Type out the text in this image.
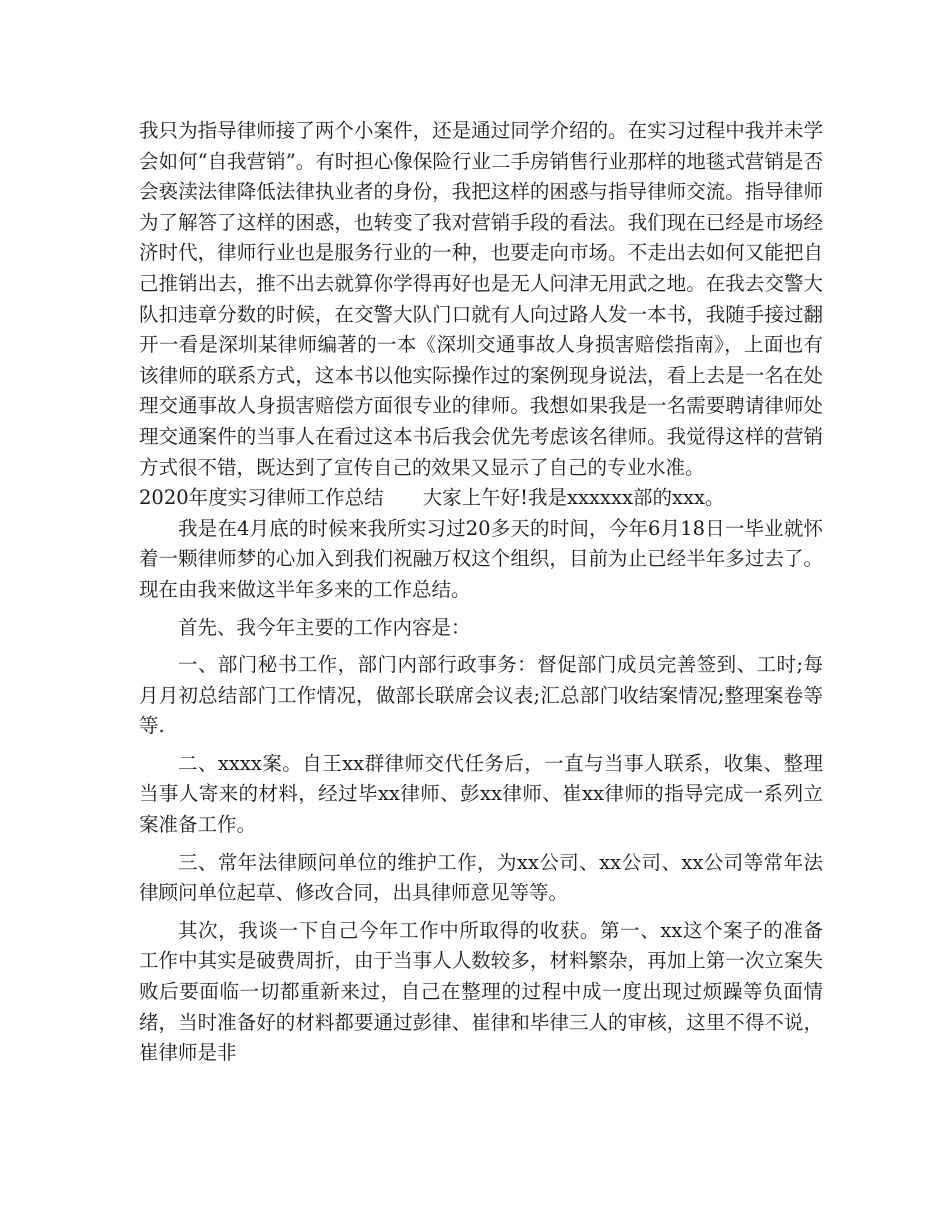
我只为指导律师接了两个小案件，还是通过同学介绍的。在实习过程中我并未学会如何“自我营销”。有时担心像保险行业二手房销售行业那样的地毯式营销是否会亵渎法律降低法律执业者的身份，我把这样的困惑与指导律师交流。指导律师为了解答了这样的困惑，也转变了我对营销手段的看法。我们现在已经是市场经济时代，律师行业也是服务行业的一种，也要走向市场。不走出去如何又能把自己推销出去，推不出去就算你学得再好也是无人问津无用武之地。在我去交警大队扣违章分数的时候，在交警大队门口就有人向过路人发一本书，我随手接过翻开一看是深圳某律师编著的一本《深圳交通事故人身损害赔偿指南》，上面也有该律师的联系方式，这本书以他实际操作过的案例现身说法，看上去是一名在处理交通事故人身损害赔偿方面很专业的律师。我想如果我是一名需要聘请律师处理交通案件的当事人在看过这本书后我会优先考虑该名律师。我觉得这样的营销方式很不错，既达到了宣传自己的效果又显示了自己的专业水准。

2020年度实习律师工作总结　　大家上午好!我是xxxxxx部的xxx。

我是在4月底的时候来我所实习过20多天的时间，今年6月18日一毕业就怀着一颗律师梦的心加入到我们祝融万权这个组织，目前为止已经半年多过去了。现在由我来做这半年多来的工作总结。

首先、我今年主要的工作内容是：

一、部门秘书工作，部门内部行政事务：督促部门成员完善签到、工时;每月月初总结部门工作情况，做部长联席会议表;汇总部门收结案情况;整理案卷等等.

二、xxxx案。自王xx群律师交代任务后，一直与当事人联系，收集、整理当事人寄来的材料，经过毕xx律师、彭xx律师、崔xx律师的指导完成一系列立案准备工作。

三、常年法律顾问单位的维护工作，为xx公司、xx公司、xx公司等常年法律顾问单位起草、修改合同，出具律师意见等等。

其次，我谈一下自己今年工作中所取得的收获。第一、xx这个案子的准备工作中其实是破费周折，由于当事人人数较多，材料繁杂，再加上第一次立案失败后要面临一切都重新来过，自己在整理的过程中成一度出现过烦躁等负面情绪，当时准备好的材料都要通过彭律、崔律和毕律三人的审核，这里不得不说，崔律师是非
